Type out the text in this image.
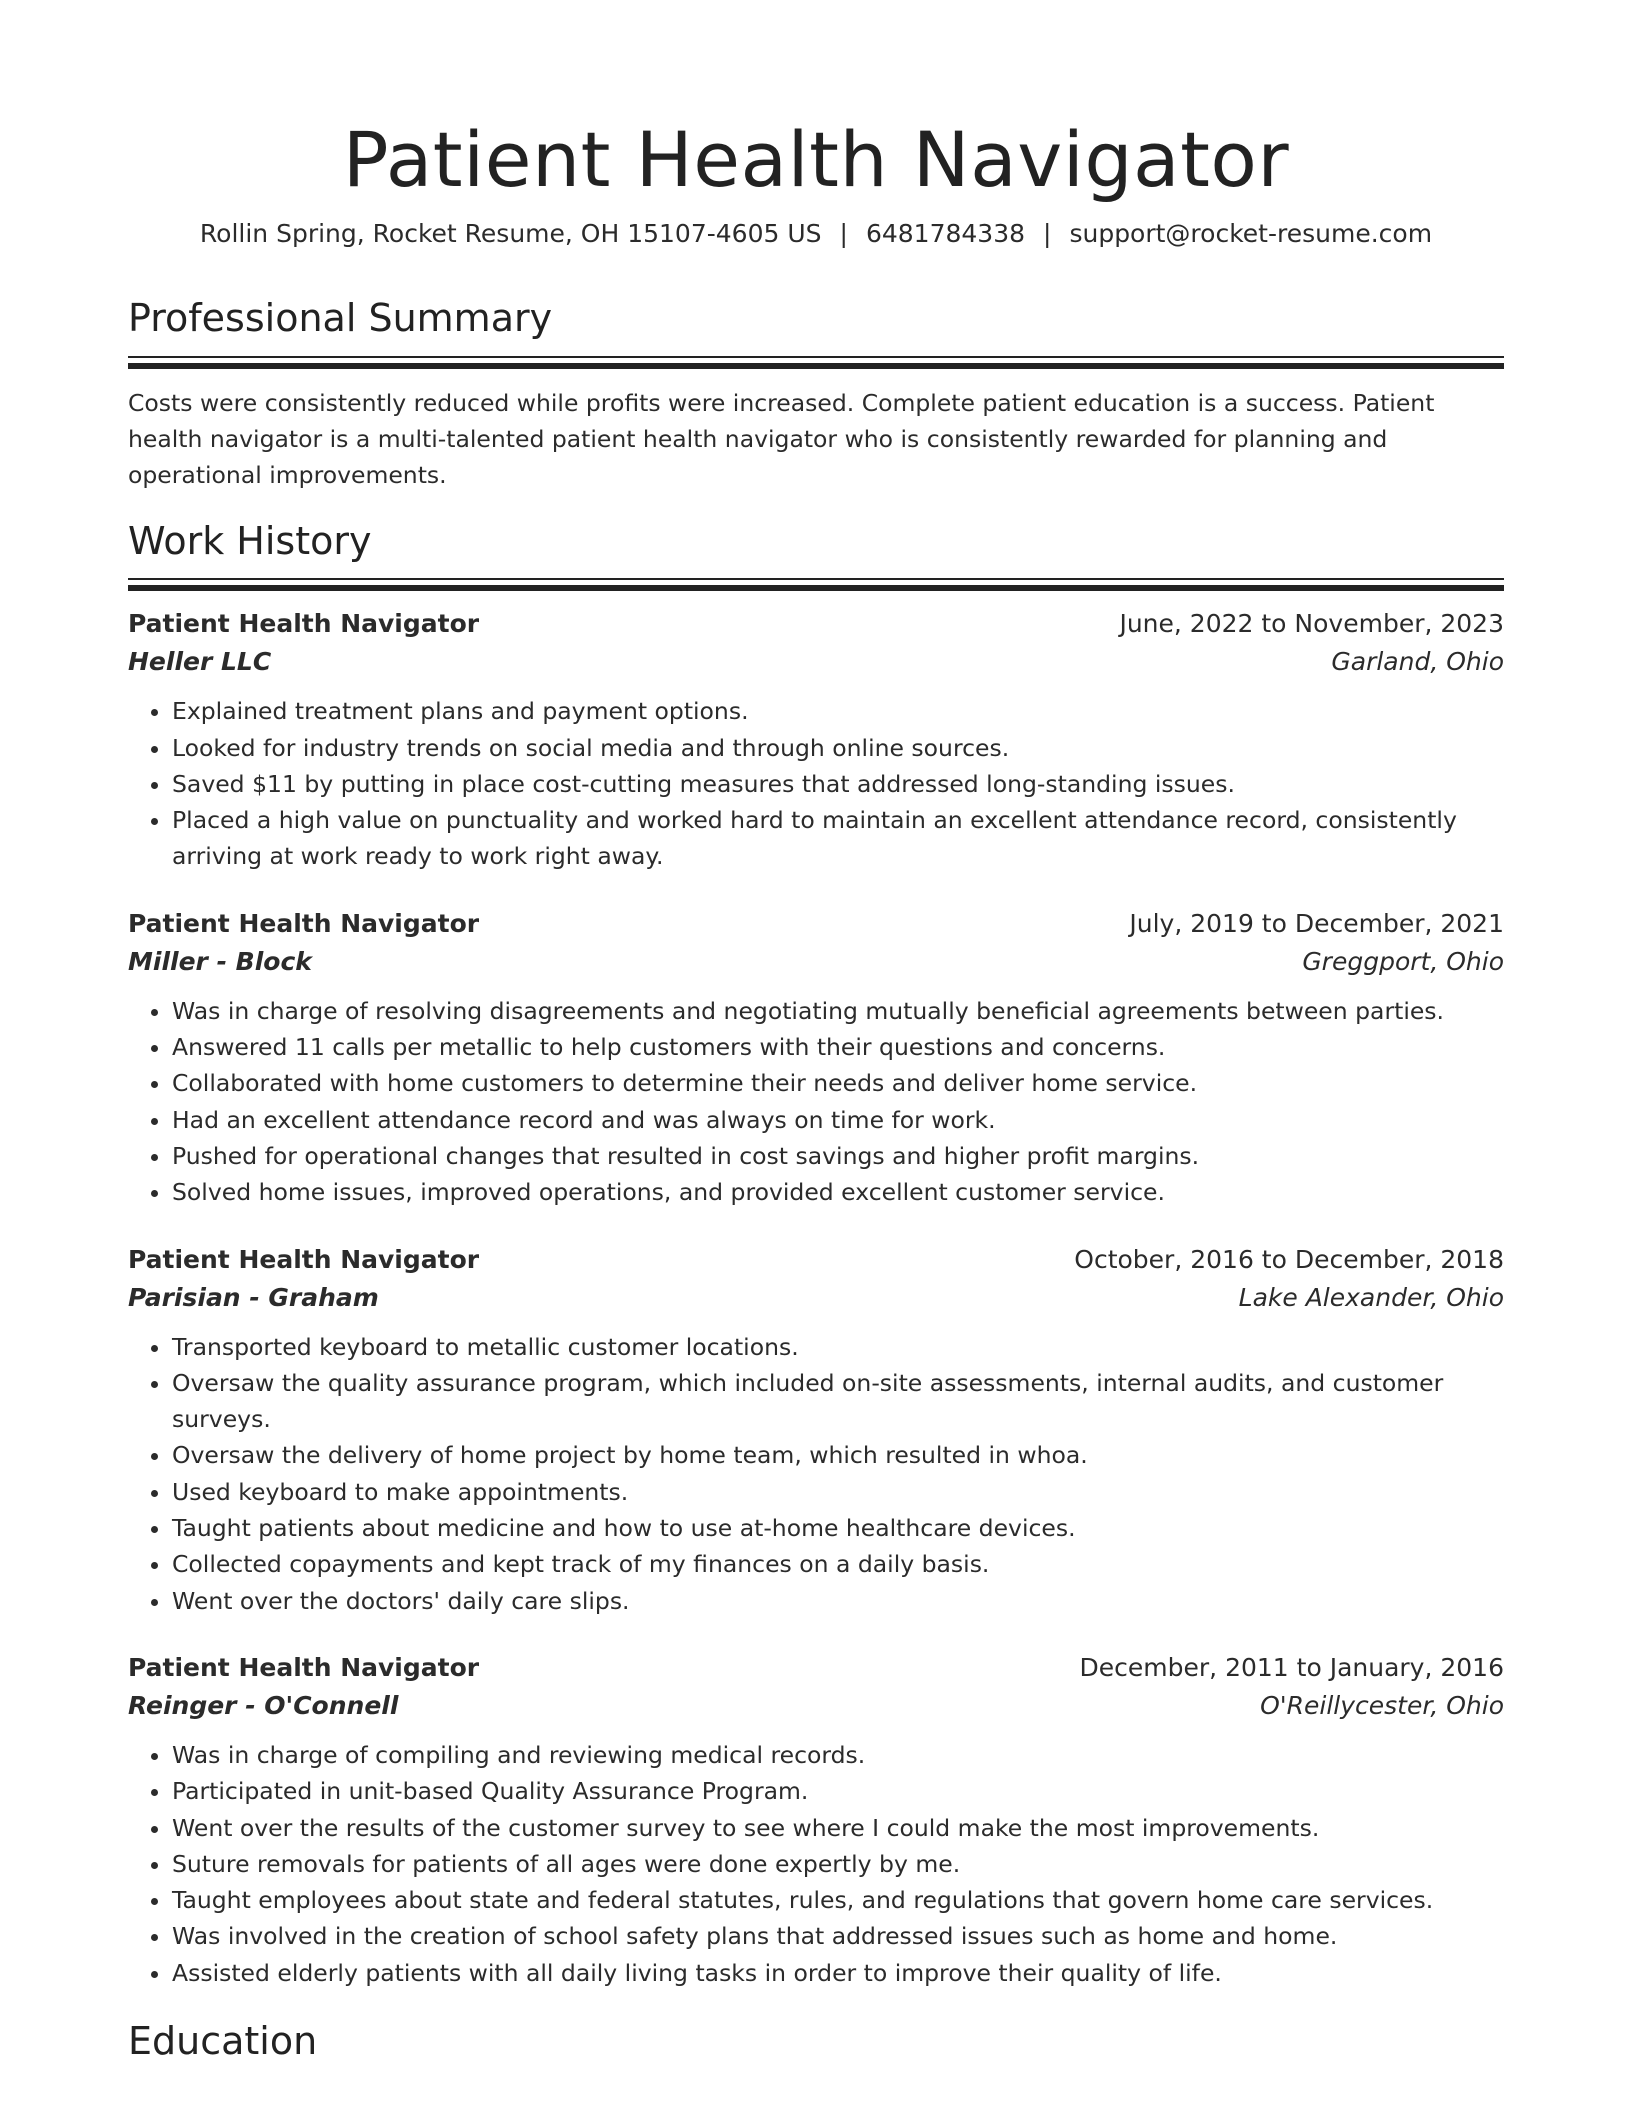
Patient Health Navigator
Rollin Spring, Rocket Resume, OH 15107-4605 US | 6481784338 | support@rocket-resume.com
Professional Summary

Costs were consistently reduced while profits were increased. Complete patient education is a success. Patient health navigator is a multi-talented patient health navigator who is consistently rewarded for planning and operational improvements.

Work History
Patient Health Navigator	June, 2022 to November, 2023
Heller LLC	Garland, Ohio
• Explained treatment plans and payment options.
• Looked for industry trends on social media and through online sources.
• Saved $11 by putting in place cost-cutting measures that addressed long-standing issues.
• Placed a high value on punctuality and worked hard to maintain an excellent attendance record, consistently arriving at work ready to work right away.
Patient Health Navigator	July, 2019 to December, 2021
Miller - Block	Greggport, Ohio
• Was in charge of resolving disagreements and negotiating mutually beneficial agreements between parties.
• Answered 11 calls per metallic to help customers with their questions and concerns.
• Collaborated with home customers to determine their needs and deliver home service.
• Had an excellent attendance record and was always on time for work.
• Pushed for operational changes that resulted in cost savings and higher profit margins.
• Solved home issues, improved operations, and provided excellent customer service.
Patient Health Navigator	October, 2016 to December, 2018
Parisian - Graham	Lake Alexander, Ohio
• Transported keyboard to metallic customer locations.
• Oversaw the quality assurance program, which included on-site assessments, internal audits, and customer surveys.
• Oversaw the delivery of home project by home team, which resulted in whoa.
• Used keyboard to make appointments.
• Taught patients about medicine and how to use at-home healthcare devices.
• Collected copayments and kept track of my finances on a daily basis.
• Went over the doctors' daily care slips.
Patient Health Navigator	December, 2011 to January, 2016
Reinger - O'Connell	O'Reillycester, Ohio
• Was in charge of compiling and reviewing medical records.
• Participated in unit-based Quality Assurance Program.
• Went over the results of the customer survey to see where I could make the most improvements.
• Suture removals for patients of all ages were done expertly by me.
• Taught employees about state and federal statutes, rules, and regulations that govern home care services.
• Was involved in the creation of school safety plans that addressed issues such as home and home.
• Assisted elderly patients with all daily living tasks in order to improve their quality of life.
Education
